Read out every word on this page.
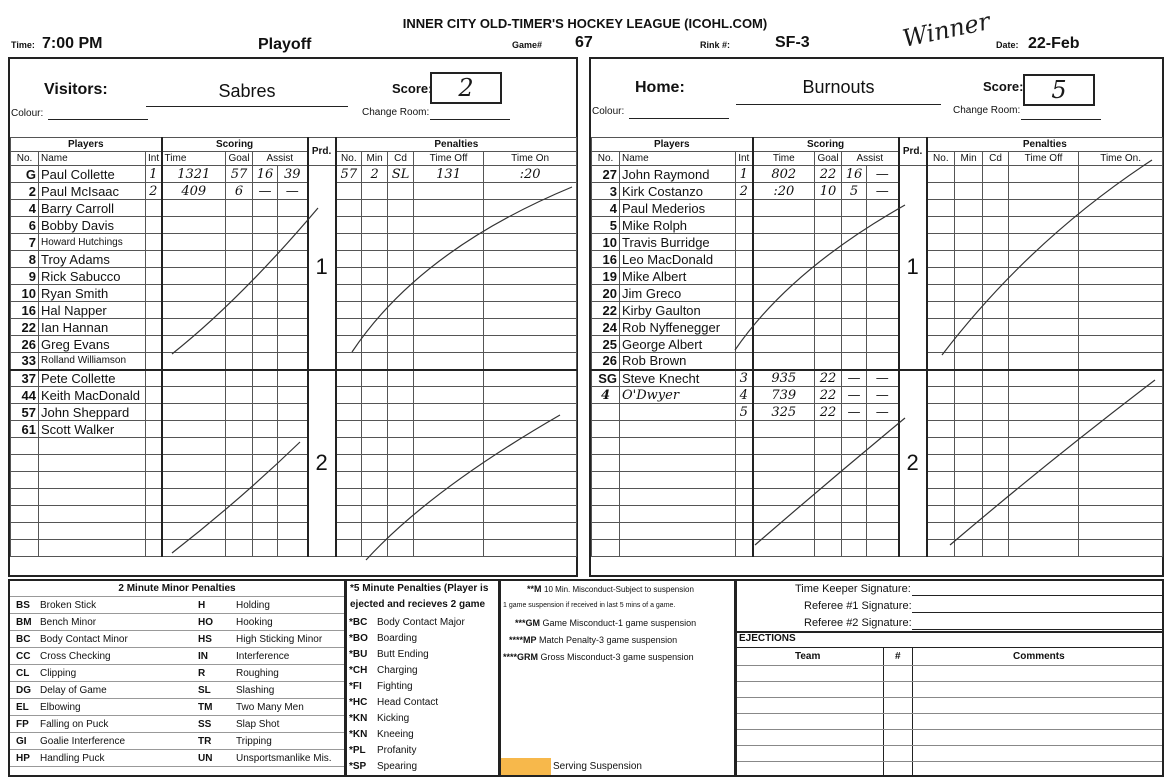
INNER CITY OLD-TIMER'S HOCKEY LEAGUE (ICOHL.COM)
Time: 7:00 PM	Playoff	Game# 67	Rink #:	SF-3	Winner Date: 22-Feb
Visitors:	Sabres	Score:	2
Colour:	Change Room:
Home:	Burnouts	Score:	5
Colour:	Change Room:
Players			Scoring				Prd.	Penalties				
No.	Name	Int	Time	Goal	Assist			No.	Min	Cd	Time Off	Time On
G	Paul Collette	1	1321	57	16	39	1	57	2	SL	131	:20
2	Paul McIsaac	2	409	6	—	—						
4	Barry Carroll											
6	Bobby Davis											
7	Howard Hutchings											
8	Troy Adams											
9	Rick Sabucco											
10	Ryan Smith											
16	Hal Napper											
22	Ian Hannan											
26	Greg Evans											
33	Rolland Williamson											
37	Pete Collette						2					
44	Keith MacDonald											
57	John Sheppard											
61	Scott Walker											

Players			Scoring				Prd.	Penalties				
No.	Name	Int	Time	Goal	Assist			No.	Min	Cd	Time Off	Time On.
27	John Raymond	1	802	22	16	—	1					
3	Kirk Costanzo	2	:20	10	5	—						
4	Paul Mederios											
5	Mike Rolph											
10	Travis Burridge											
16	Leo MacDonald											
19	Mike Albert											
20	Jim Greco											
22	Kirby Gaulton											
24	Rob Nyffenegger											
25	George Albert											
26	Rob Brown											
SG	Steve Knecht	3	935	22	—	—	2					
4	O'Dwyer	4	739	22	—	—						
		5	325	22	—	—						

2 Minute Minor Penalties
BS Broken Stick	H	Holding
BM Bench Minor	HO Hooking
BC Body Contact Minor	HS High Sticking Minor
CC Cross Checking	IN	Interference
CL Clipping	R	Roughing
DG Delay of Game	SL	Slashing
EL Elbowing	TM Two Many Men
FP Falling on Puck	SS Slap Shot
GI Goalie Interference	TR Tripping
HP Handling Puck	UN Unsportsmanlike Mis.
*5 Minute Penalties (Player is
ejected and recieves 2 game
*BC Body Contact Major
*BO Boarding
*BU Butt Ending
*CH Charging
*FI Fighting
*HC Head Contact
*KN Kicking
*KN Kneeing
*PL Profanity
*SP Spearing
**M 10 Min. Misconduct-Subject to suspension
1 game suspension if received in last 5 mins of a game.
***GM Game Misconduct-1 game suspension
****MP Match Penalty-3 game suspension
****GRM Gross Misconduct-3 game suspension
Serving Suspension
Time Keeper Signature:
Referee #1 Signature:
Referee #2 Signature:
EJECTIONS
Team	#	Comments
